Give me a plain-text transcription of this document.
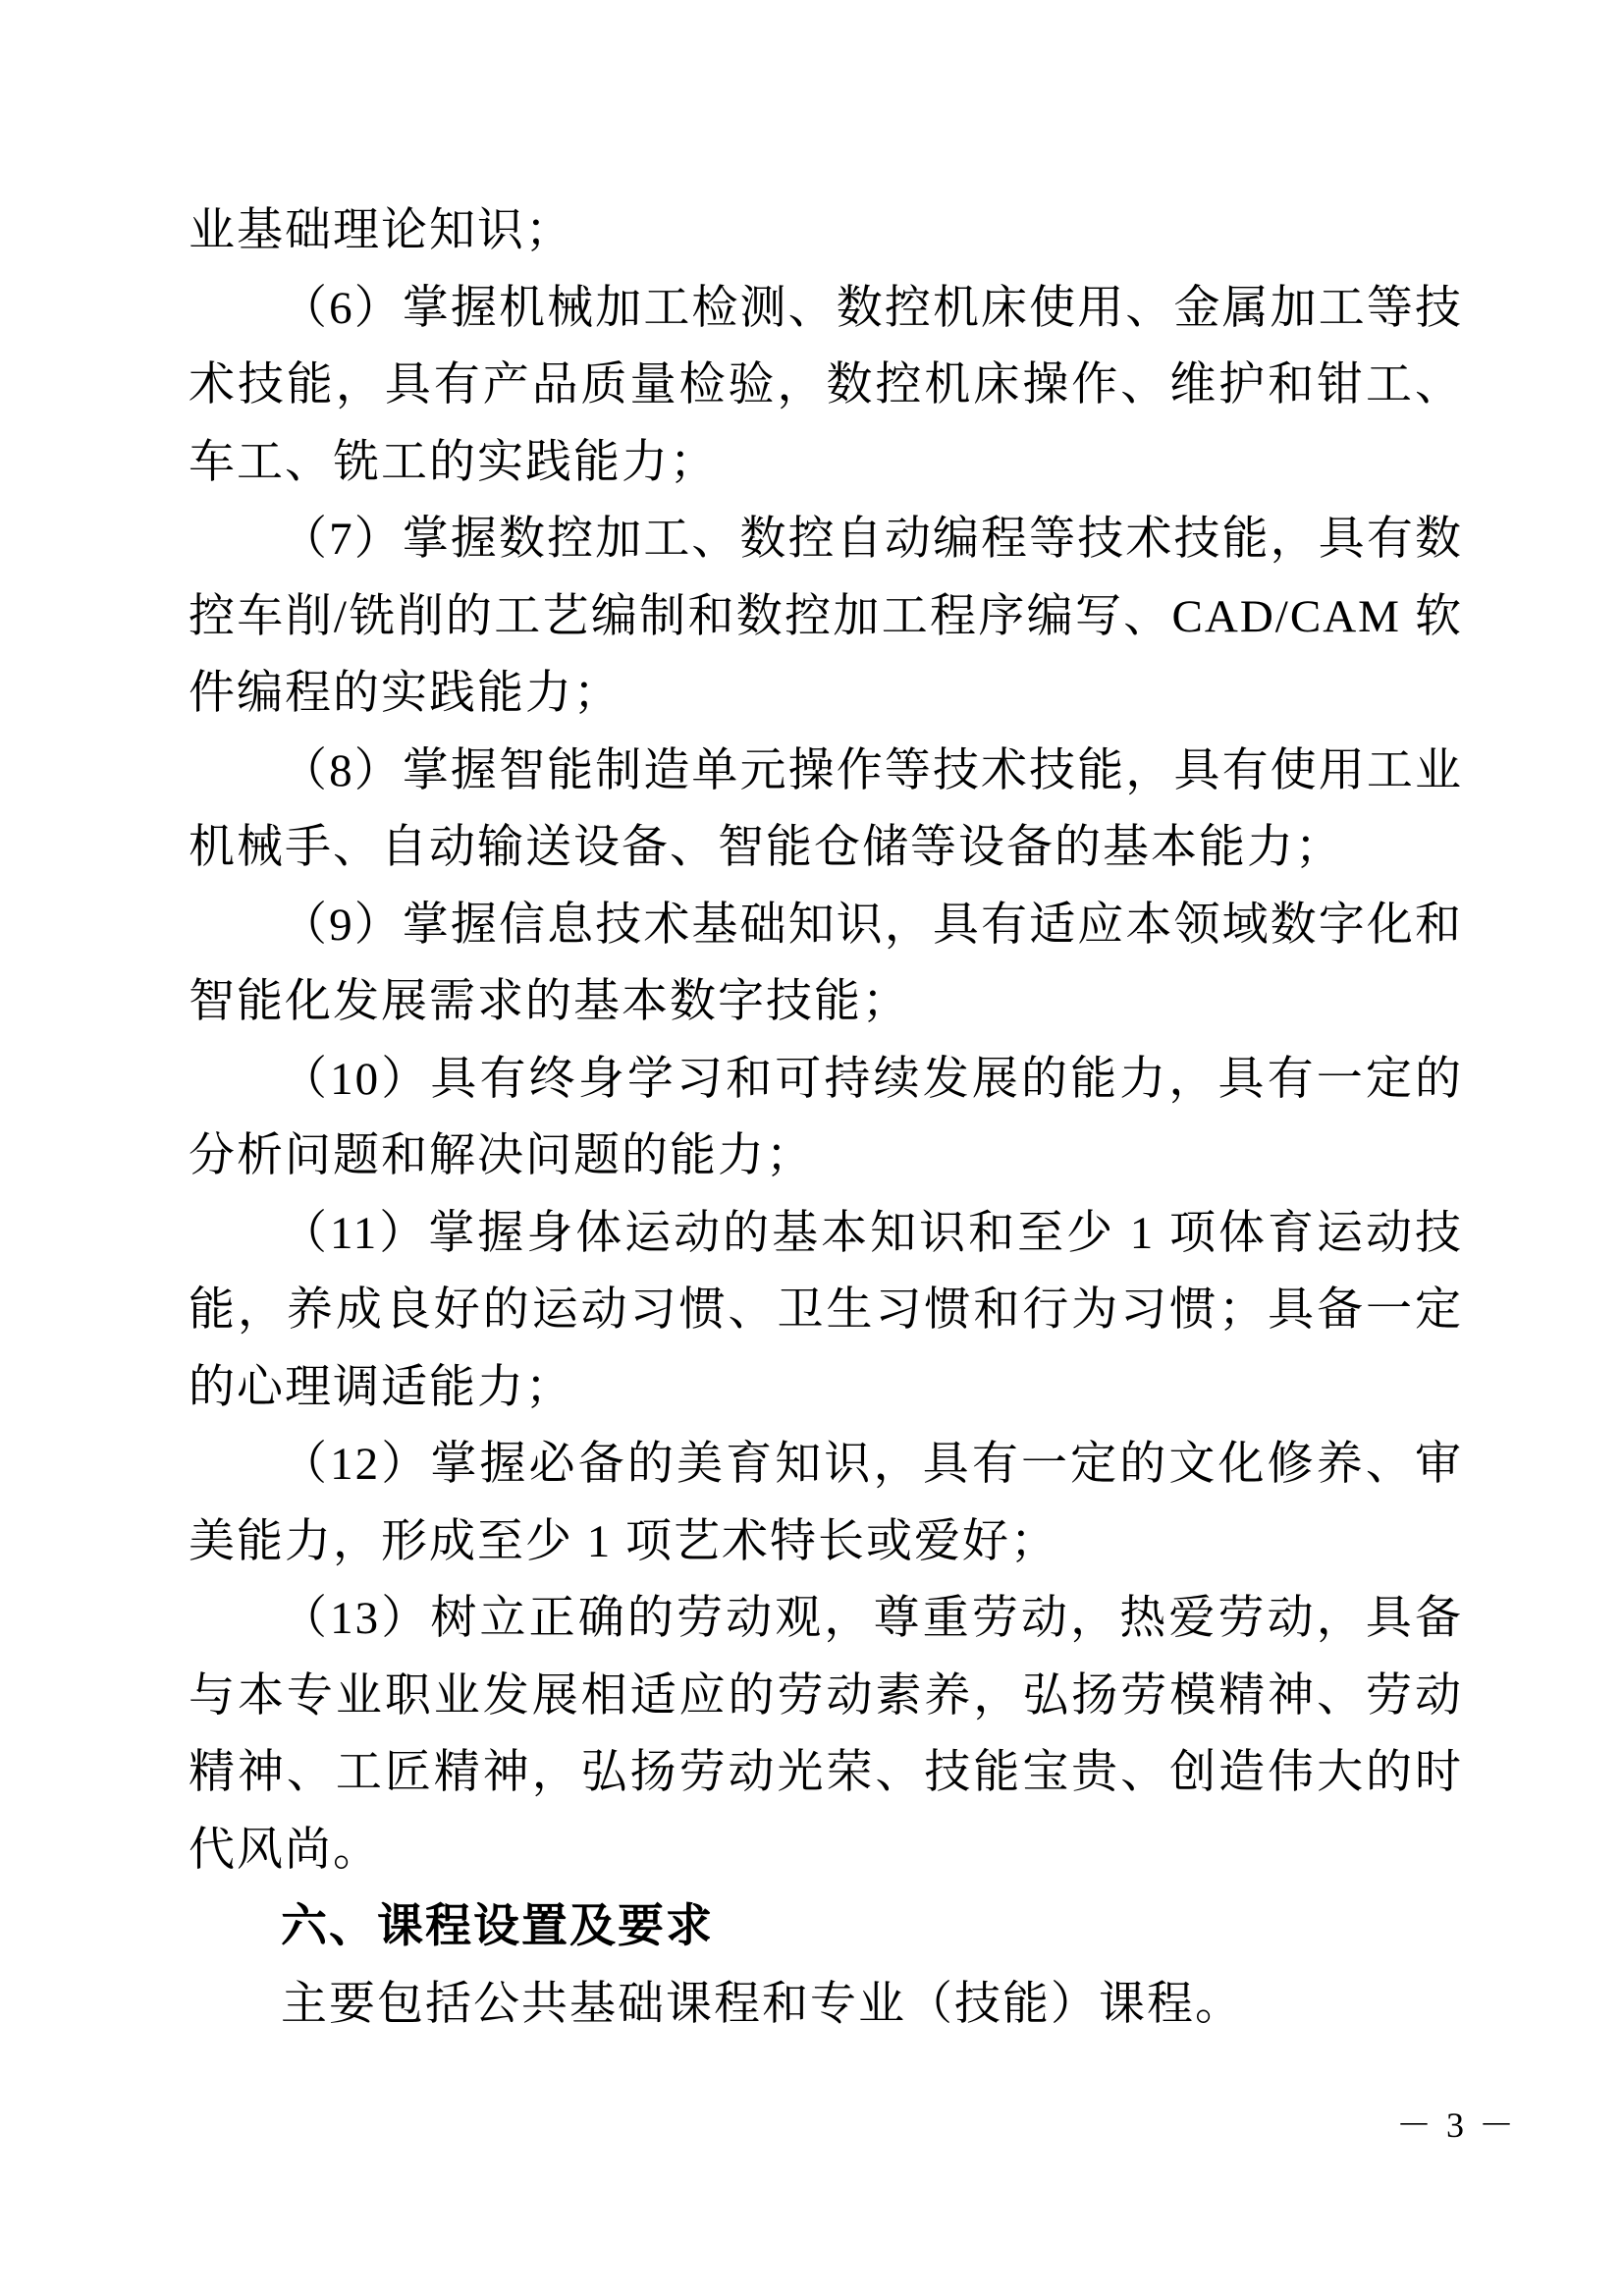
业基础理论知识；

（6）掌握机械加工检测、数控机床使用、金属加工等技术技能，具有产品质量检验，数控机床操作、维护和钳工、车工、铣工的实践能力；

（7）掌握数控加工、数控自动编程等技术技能，具有数控车削/铣削的工艺编制和数控加工程序编写、CAD/CAM 软件编程的实践能力；

（8）掌握智能制造单元操作等技术技能，具有使用工业机械手、自动输送设备、智能仓储等设备的基本能力；

（9）掌握信息技术基础知识，具有适应本领域数字化和智能化发展需求的基本数字技能；

（10）具有终身学习和可持续发展的能力，具有一定的分析问题和解决问题的能力；

（11）掌握身体运动的基本知识和至少 1 项体育运动技能，养成良好的运动习惯、卫生习惯和行为习惯；具备一定的心理调适能力；

（12）掌握必备的美育知识，具有一定的文化修养、审美能力，形成至少 1 项艺术特长或爱好；

（13）树立正确的劳动观，尊重劳动，热爱劳动，具备与本专业职业发展相适应的劳动素养，弘扬劳模精神、劳动精神、工匠精神，弘扬劳动光荣、技能宝贵、创造伟大的时代风尚。

六、课程设置及要求

主要包括公共基础课程和专业（技能）课程。

－ 3 －
